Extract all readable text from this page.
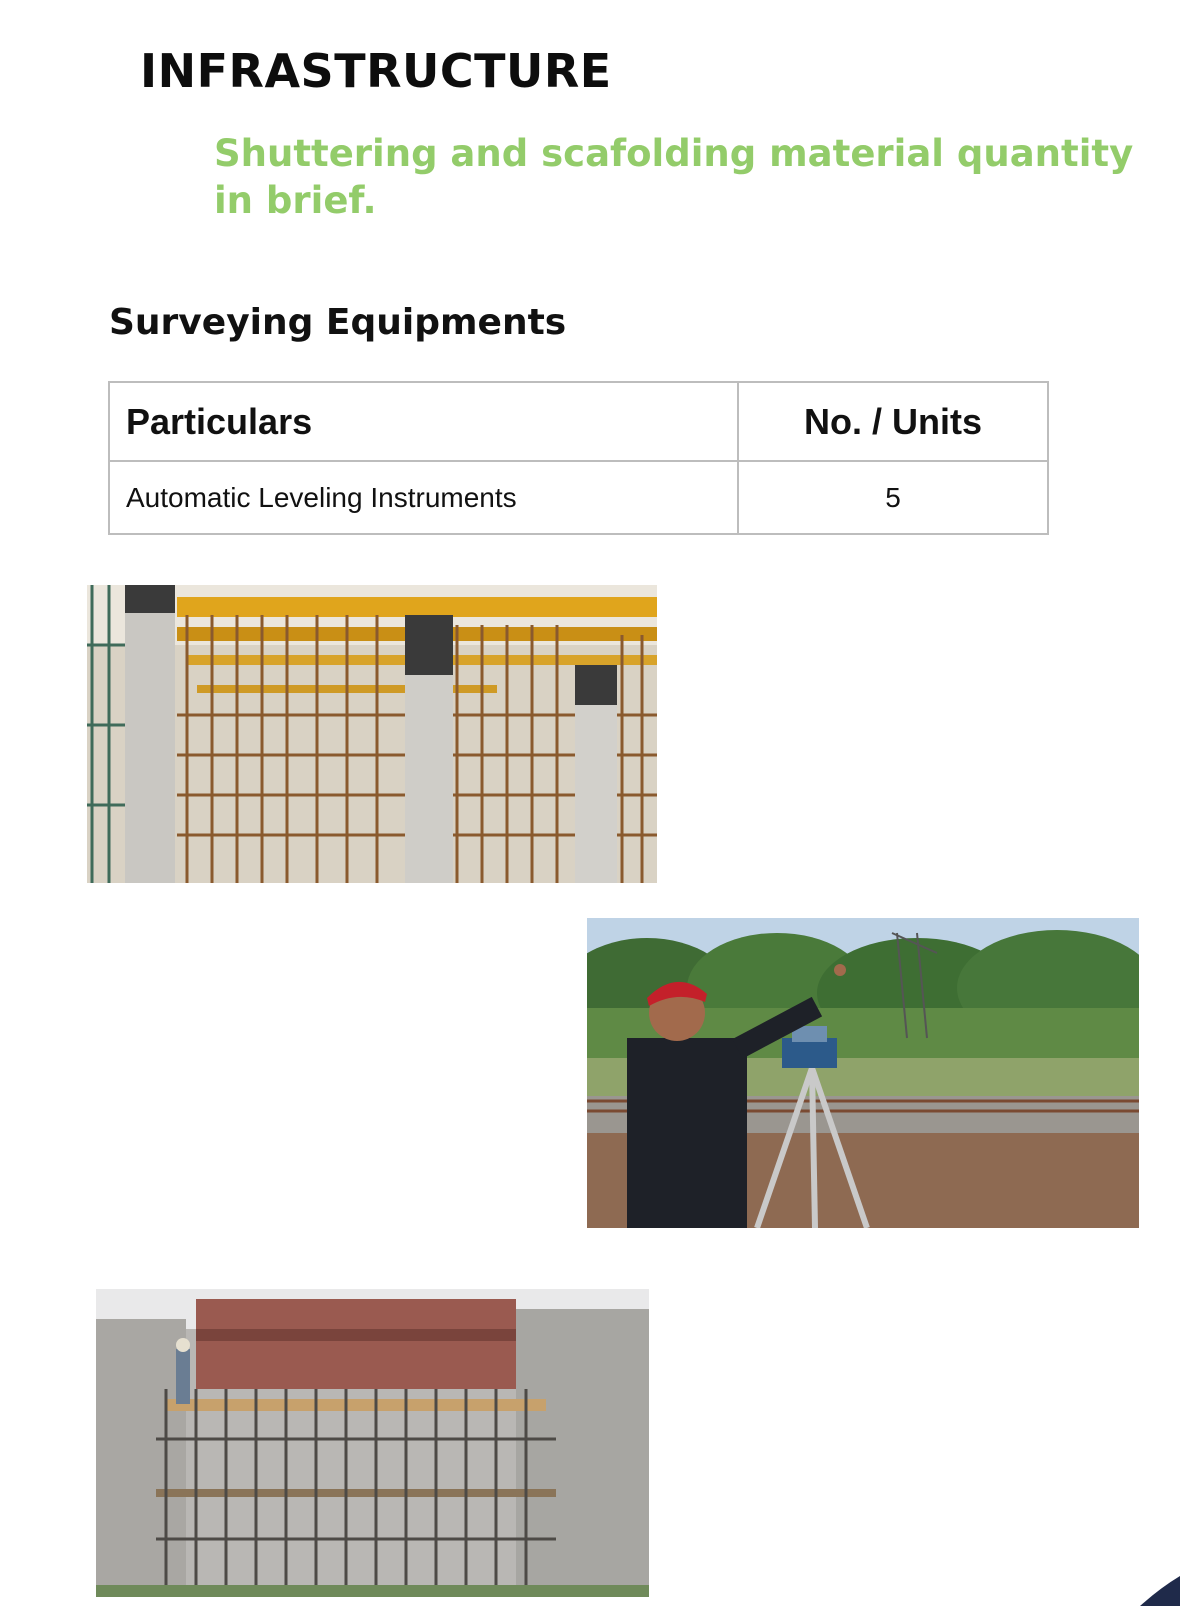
INFRASTRUCTURE
Shuttering and scafolding material quantity in brief.
Surveying Equipments
Particulars	No. / Units
Automatic Leveling Instruments	5
